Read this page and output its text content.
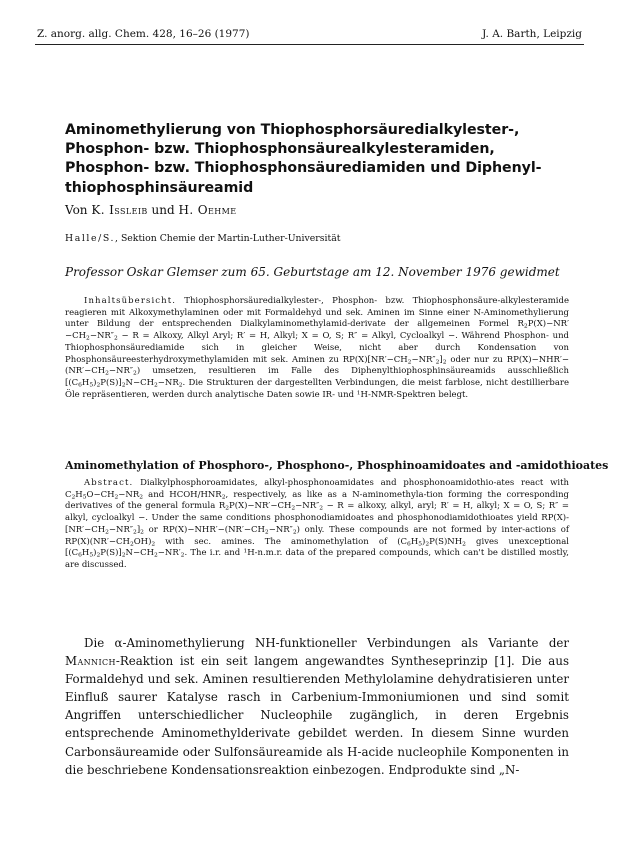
Z. anorg. allg. Chem. 428, 16–26 (1977)	J. A. Barth, Leipzig
Aminomethylierung von Thiophosphorsäuredialkylester-,
Phosphon- bzw. Thiophosphonsäurealkylesteramiden,
Phosphon- bzw. Thiophosphonsäurediamiden und Diphenyl-
thiophosphinsäureamid
Von K. Issleib und H. Oehme
Halle/S., Sektion Chemie der Martin-Luther-Universität
Professor Oskar Glemser zum 65. Geburtstage am 12. November 1976 gewidmet
Inhaltsübersicht. Thiophosphorsäuredialkylester-, Phosphon- bzw. Thiophosphonsäure-alkylesteramide reagieren mit Alkoxymethylaminen oder mit Formaldehyd und sek. Aminen im Sinne einer N-Aminomethylierung unter Bildung der entsprechenden Dialkylaminomethylamid-derivate der allgemeinen Formel $R_2P(X)-NR'-CH_2-NR''_2 - R$ = Alkoxy, Alkyl Aryl; R′ = H, Alkyl; X = O, S; R″ = Alkyl, Cycloalkyl −. Während Phosphon- und Thiophosphonsäurediamide sich in gleicher Weise, nicht aber durch Kondensation von Phosphonsäureesterhydroxymethylamiden mit sek. Aminen zu $RP(X)[NR'-CH_2-NR''_2]_2$ oder nur zu $RP(X)-NHR'-(NR'-CH_2-NR''_2)$ umsetzen, resultieren im Falle des Diphenylthiophosphinsäureamids ausschließlich $[(C_6H_5)_2P(S)]_2N-CH_2-NR_2$. Die Strukturen der dargestellten Verbindungen, die meist farblose, nicht destillierbare Öle repräsentieren, werden durch analytische Daten sowie IR- und $^1$H-NMR-Spektren belegt.
Aminomethylation of Phosphoro-, Phosphono-, Phosphinoamidoates and -amidothioates
Abstract. Dialkylphosphoroamidates, alkyl-phosphonoamidates and phosphonoamidothio-ates react with $C_2H_5O-CH_2-NR_2$ and HCOH/$HNR_2$, respectively, as like as a N-aminomethyla-tion forming the corresponding derivatives of the general formula $R_2P(X)-NR'-CH_2-NR''_2 - R$ = alkoxy, alkyl, aryl; R′ = H, alkyl; X = O, S; R″ = alkyl, cycloalkyl −. Under the same conditions phosphonodiamidoates and phosphonodiamidothioates yield $RP(X)-[NR'-CH_2-NR''_2]_2$ or $RP(X)-NHR'-(NR'-CH_2-NR''_2)$ only. These compounds are not formed by inter-actions of $RP(X)(NR'-CH_2OH)_2$ with sec. amines. The aminomethylation of $(C_6H_5)_2P(S)NH_2$ gives unexceptional $[(C_6H_5)_2P(S)]_2N-CH_2-NR'_2$. The i.r. and $^1$H-n.m.r. data of the prepared compounds, which can't be distilled mostly, are discussed.
Die α-Aminomethylierung NH-funktioneller Verbindungen als Variante der Mannich-Reaktion ist ein seit langem angewandtes Syntheseprinzip [1]. Die aus Formaldehyd und sek. Aminen resultierenden Methylolamine dehydratisieren unter Einfluß saurer Katalyse rasch in Carbenium-Immoniumionen und sind somit Angriffen unterschiedlicher Nucleophile zugänglich, in deren Ergebnis entsprechende Aminomethylderivate gebildet werden. In diesem Sinne wurden Carbonsäureamide oder Sulfonsäureamide als H-acide nucleophile Komponenten in die beschriebene Kondensationsreaktion einbezogen. Endprodukte sind „N-
